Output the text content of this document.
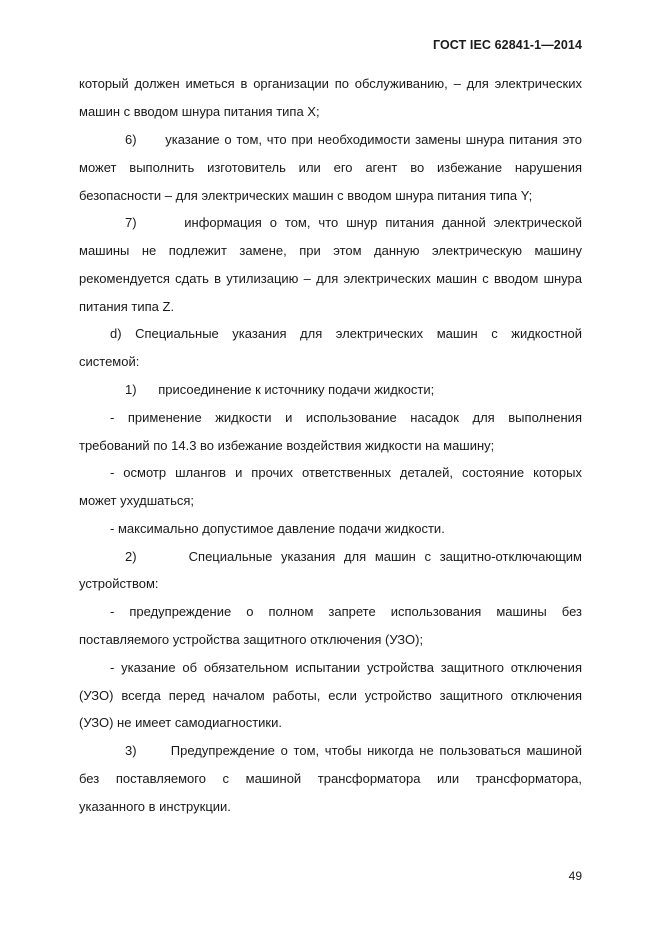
ГОСТ IEC 62841-1—2014
который должен иметься в организации по обслуживанию, – для электрических
машин с вводом шнура питания типа X;
6)      указание о том, что при необходимости замены шнура питания это
может выполнить изготовитель или его агент во избежание нарушения
безопасности – для электрических машин с вводом шнура питания типа Y;
7)      информация о том, что шнур питания данной электрической
машины не подлежит замене, при этом данную электрическую машину
рекомендуется сдать в утилизацию – для электрических машин с вводом шнура
питания типа Z.
d) Специальные указания для электрических машин с жидкостной
системой:
1)      присоединение к источнику подачи жидкости;
- применение жидкости и использование насадок для выполнения
требований по 14.3 во избежание воздействия жидкости на машину;
- осмотр шлангов и прочих ответственных деталей, состояние которых
может ухудшаться;
- максимально допустимое давление подачи жидкости.
2)      Специальные указания для машин с защитно-отключающим
устройством:
- предупреждение о полном запрете использования машины без
поставляемого устройства защитного отключения (УЗО);
- указание об обязательном испытании устройства защитного отключения
(УЗО) всегда перед началом работы, если устройство защитного отключения
(УЗО) не имеет самодиагностики.
3)      Предупреждение о том, чтобы никогда не пользоваться машиной
без поставляемого с машиной трансформатора или трансформатора,
указанного в инструкции.
49
